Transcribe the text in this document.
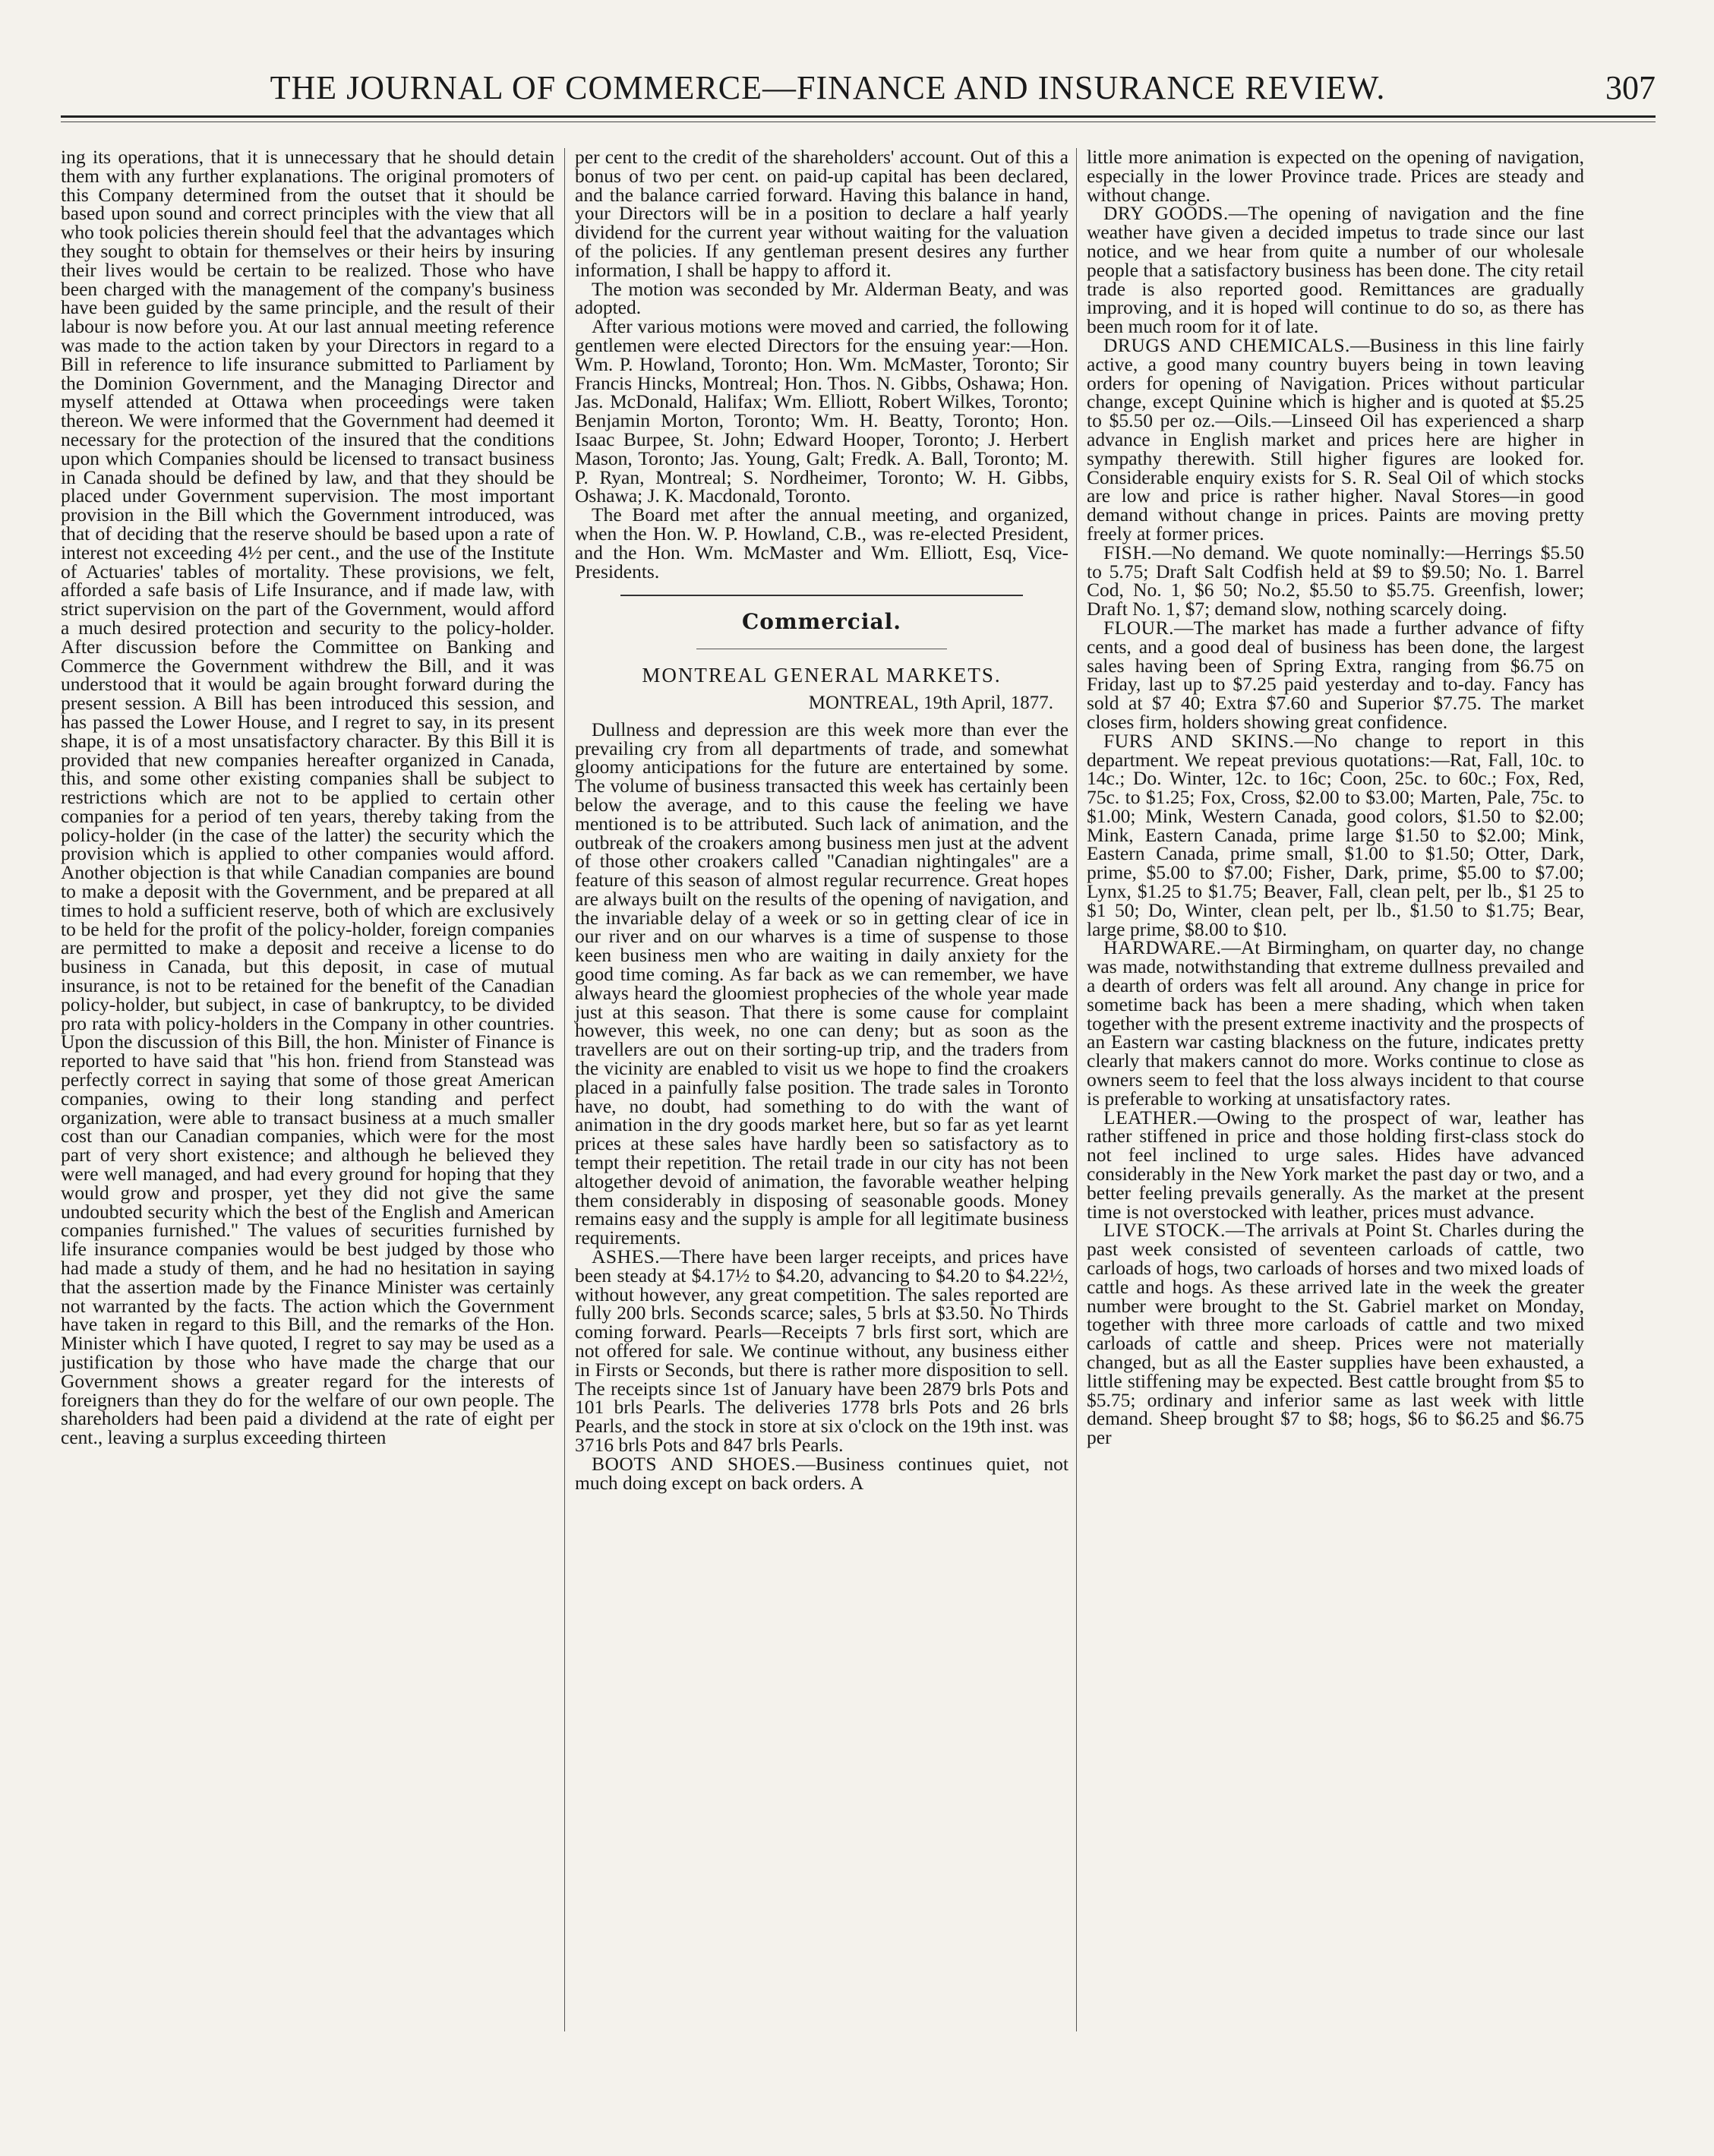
THE JOURNAL OF COMMERCE—FINANCE AND INSURANCE REVIEW.	307

ing its operations, that it is unnecessary that he should detain them with any further explanations. The original promoters of this Company determined from the outset that it should be based upon sound and correct principles with the view that all who took policies therein should feel that the advantages which they sought to obtain for themselves or their heirs by insuring their lives would be certain to be realized. Those who have been charged with the management of the company's business have been guided by the same principle, and the result of their labour is now before you. At our last annual meeting reference was made to the action taken by your Directors in regard to a Bill in reference to life insurance submitted to Parliament by the Dominion Government, and the Managing Director and myself attended at Ottawa when proceedings were taken thereon. We were informed that the Government had deemed it necessary for the protection of the insured that the conditions upon which Companies should be licensed to transact business in Canada should be defined by law, and that they should be placed under Government supervision. The most important provision in the Bill which the Government introduced, was that of deciding that the reserve should be based upon a rate of interest not exceeding 4½ per cent., and the use of the Institute of Actuaries' tables of mortality. These provisions, we felt, afforded a safe basis of Life Insurance, and if made law, with strict supervision on the part of the Government, would afford a much desired protection and security to the policy-holder. After discussion before the Committee on Banking and Commerce the Government withdrew the Bill, and it was understood that it would be again brought forward during the present session. A Bill has been introduced this session, and has passed the Lower House, and I regret to say, in its present shape, it is of a most unsatisfactory character. By this Bill it is provided that new companies hereafter organized in Canada, this, and some other existing companies shall be subject to restrictions which are not to be applied to certain other companies for a period of ten years, thereby taking from the policy-holder (in the case of the latter) the security which the provision which is applied to other companies would afford. Another objection is that while Canadian companies are bound to make a deposit with the Government, and be prepared at all times to hold a sufficient reserve, both of which are exclusively to be held for the profit of the policy-holder, foreign companies are permitted to make a deposit and receive a license to do business in Canada, but this deposit, in case of mutual insurance, is not to be retained for the benefit of the Canadian policy-holder, but subject, in case of bankruptcy, to be divided pro rata with policy-holders in the Company in other countries. Upon the discussion of this Bill, the hon. Minister of Finance is reported to have said that "his hon. friend from Stanstead was perfectly correct in saying that some of those great American companies, owing to their long standing and perfect organization, were able to transact business at a much smaller cost than our Canadian companies, which were for the most part of very short existence; and although he believed they were well managed, and had every ground for hoping that they would grow and prosper, yet they did not give the same undoubted security which the best of the English and American companies furnished." The values of securities furnished by life insurance companies would be best judged by those who had made a study of them, and he had no hesitation in saying that the assertion made by the Finance Minister was certainly not warranted by the facts. The action which the Government have taken in regard to this Bill, and the remarks of the Hon. Minister which I have quoted, I regret to say may be used as a justification by those who have made the charge that our Government shows a greater regard for the interests of foreigners than they do for the welfare of our own people. The shareholders had been paid a dividend at the rate of eight per cent., leaving a surplus exceeding thirteen

per cent to the credit of the shareholders' account. Out of this a bonus of two per cent. on paid-up capital has been declared, and the balance carried forward. Having this balance in hand, your Directors will be in a position to declare a half yearly dividend for the current year without waiting for the valuation of the policies. If any gentleman present desires any further information, I shall be happy to afford it.

The motion was seconded by Mr. Alderman Beaty, and was adopted.

After various motions were moved and carried, the following gentlemen were elected Directors for the ensuing year:—Hon. Wm. P. Howland, Toronto; Hon. Wm. McMaster, Toronto; Sir Francis Hincks, Montreal; Hon. Thos. N. Gibbs, Oshawa; Hon. Jas. McDonald, Halifax; Wm. Elliott, Robert Wilkes, Toronto; Benjamin Morton, Toronto; Wm. H. Beatty, Toronto; Hon. Isaac Burpee, St. John; Edward Hooper, Toronto; J. Herbert Mason, Toronto; Jas. Young, Galt; Fredk. A. Ball, Toronto; M. P. Ryan, Montreal; S. Nordheimer, Toronto; W. H. Gibbs, Oshawa; J. K. Macdonald, Toronto.

The Board met after the annual meeting, and organized, when the Hon. W. P. Howland, C.B., was re-elected President, and the Hon. Wm. McMaster and Wm. Elliott, Esq, Vice-Presidents.

Commercial.
MONTREAL GENERAL MARKETS.
MONTREAL, 19th April, 1877.

Dullness and depression are this week more than ever the prevailing cry from all departments of trade, and somewhat gloomy anticipations for the future are entertained by some. The volume of business transacted this week has certainly been below the average, and to this cause the feeling we have mentioned is to be attributed. Such lack of animation, and the outbreak of the croakers among business men just at the advent of those other croakers called "Canadian nightingales" are a feature of this season of almost regular recurrence. Great hopes are always built on the results of the opening of navigation, and the invariable delay of a week or so in getting clear of ice in our river and on our wharves is a time of suspense to those keen business men who are waiting in daily anxiety for the good time coming. As far back as we can remember, we have always heard the gloomiest prophecies of the whole year made just at this season. That there is some cause for complaint however, this week, no one can deny; but as soon as the travellers are out on their sorting-up trip, and the traders from the vicinity are enabled to visit us we hope to find the croakers placed in a painfully false position. The trade sales in Toronto have, no doubt, had something to do with the want of animation in the dry goods market here, but so far as yet learnt prices at these sales have hardly been so satisfactory as to tempt their repetition. The retail trade in our city has not been altogether devoid of animation, the favorable weather helping them considerably in disposing of seasonable goods. Money remains easy and the supply is ample for all legitimate business requirements.

ASHES.—There have been larger receipts, and prices have been steady at $4.17½ to $4.20, advancing to $4.20 to $4.22½, without however, any great competition. The sales reported are fully 200 brls. Seconds scarce; sales, 5 brls at $3.50. No Thirds coming forward. Pearls—Receipts 7 brls first sort, which are not offered for sale. We continue without, any business either in Firsts or Seconds, but there is rather more disposition to sell. The receipts since 1st of January have been 2879 brls Pots and 101 brls Pearls. The deliveries 1778 brls Pots and 26 brls Pearls, and the stock in store at six o'clock on the 19th inst. was 3716 brls Pots and 847 brls Pearls.

BOOTS AND SHOES.—Business continues quiet, not much doing except on back orders. A

little more animation is expected on the opening of navigation, especially in the lower Province trade. Prices are steady and without change.

DRY GOODS.—The opening of navigation and the fine weather have given a decided impetus to trade since our last notice, and we hear from quite a number of our wholesale people that a satisfactory business has been done. The city retail trade is also reported good. Remittances are gradually improving, and it is hoped will continue to do so, as there has been much room for it of late.

DRUGS AND CHEMICALS.—Business in this line fairly active, a good many country buyers being in town leaving orders for opening of Navigation. Prices without particular change, except Quinine which is higher and is quoted at $5.25 to $5.50 per oz.—Oils.—Linseed Oil has experienced a sharp advance in English market and prices here are higher in sympathy therewith. Still higher figures are looked for. Considerable enquiry exists for S. R. Seal Oil of which stocks are low and price is rather higher. Naval Stores—in good demand without change in prices. Paints are moving pretty freely at former prices.

FISH.—No demand. We quote nominally:—Herrings $5.50 to 5.75; Draft Salt Codfish held at $9 to $9.50; No. 1. Barrel Cod, No. 1, $6 50; No.2, $5.50 to $5.75. Greenfish, lower; Draft No. 1, $7; demand slow, nothing scarcely doing.

FLOUR.—The market has made a further advance of fifty cents, and a good deal of business has been done, the largest sales having been of Spring Extra, ranging from $6.75 on Friday, last up to $7.25 paid yesterday and to-day. Fancy has sold at $7 40; Extra $7.60 and Superior $7.75. The market closes firm, holders showing great confidence.

FURS AND SKINS.—No change to report in this department. We repeat previous quotations:—Rat, Fall, 10c. to 14c.; Do. Winter, 12c. to 16c; Coon, 25c. to 60c.; Fox, Red, 75c. to $1.25; Fox, Cross, $2.00 to $3.00; Marten, Pale, 75c. to $1.00; Mink, Western Canada, good colors, $1.50 to $2.00; Mink, Eastern Canada, prime large $1.50 to $2.00; Mink, Eastern Canada, prime small, $1.00 to $1.50; Otter, Dark, prime, $5.00 to $7.00; Fisher, Dark, prime, $5.00 to $7.00; Lynx, $1.25 to $1.75; Beaver, Fall, clean pelt, per lb., $1 25 to $1 50; Do, Winter, clean pelt, per lb., $1.50 to $1.75; Bear, large prime, $8.00 to $10.

HARDWARE.—At Birmingham, on quarter day, no change was made, notwithstanding that extreme dullness prevailed and a dearth of orders was felt all around. Any change in price for sometime back has been a mere shading, which when taken together with the present extreme inactivity and the prospects of an Eastern war casting blackness on the future, indicates pretty clearly that makers cannot do more. Works continue to close as owners seem to feel that the loss always incident to that course is preferable to working at unsatisfactory rates.

LEATHER.—Owing to the prospect of war, leather has rather stiffened in price and those holding first-class stock do not feel inclined to urge sales. Hides have advanced considerably in the New York market the past day or two, and a better feeling prevails generally. As the market at the present time is not overstocked with leather, prices must advance.

LIVE STOCK.—The arrivals at Point St. Charles during the past week consisted of seventeen carloads of cattle, two carloads of hogs, two carloads of horses and two mixed loads of cattle and hogs. As these arrived late in the week the greater number were brought to the St. Gabriel market on Monday, together with three more carloads of cattle and two mixed carloads of cattle and sheep. Prices were not materially changed, but as all the Easter supplies have been exhausted, a little stiffening may be expected. Best cattle brought from $5 to $5.75; ordinary and inferior same as last week with little demand. Sheep brought $7 to $8; hogs, $6 to $6.25 and $6.75 per
